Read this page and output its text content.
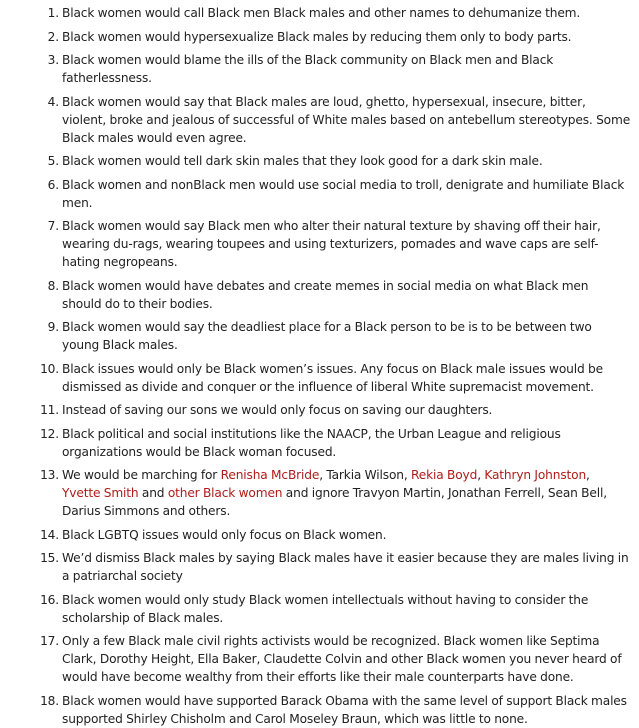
1. Black women would call Black men Black males and other names to dehumanize them.
2. Black women would hypersexualize Black males by reducing them only to body parts.
3. Black women would blame the ills of the Black community on Black men and Black fatherlessness.
4. Black women would say that Black males are loud, ghetto, hypersexual, insecure, bitter, violent, broke and jealous of successful of White males based on antebellum stereotypes. Some Black males would even agree.
5. Black women would tell dark skin males that they look good for a dark skin male.
6. Black women and nonBlack men would use social media to troll, denigrate and humiliate Black men.
7. Black women would say Black men who alter their natural texture by shaving off their hair, wearing du-rags, wearing toupees and using texturizers, pomades and wave caps are self-hating negropeans.
8. Black women would have debates and create memes in social media on what Black men should do to their bodies.
9. Black women would say the deadliest place for a Black person to be is to be between two young Black males.
10. Black issues would only be Black women’s issues. Any focus on Black male issues would be dismissed as divide and conquer or the influence of liberal White supremacist movement.
11. Instead of saving our sons we would only focus on saving our daughters.
12. Black political and social institutions like the NAACP, the Urban League and religious organizations would be Black woman focused.
13. We would be marching for Renisha McBride, Tarkia Wilson, Rekia Boyd, Kathryn Johnston, Yvette Smith and other Black women and ignore Travyon Martin, Jonathan Ferrell, Sean Bell, Darius Simmons and others.
14. Black LGBTQ issues would only focus on Black women.
15. We’d dismiss Black males by saying Black males have it easier because they are males living in a patriarchal society
16. Black women would only study Black women intellectuals without having to consider the scholarship of Black males.
17. Only a few Black male civil rights activists would be recognized. Black women like Septima Clark, Dorothy Height, Ella Baker, Claudette Colvin and other Black women you never heard of would have become wealthy from their efforts like their male counterparts have done.
18. Black women would have supported Barack Obama with the same level of support Black males supported Shirley Chisholm and Carol Moseley Braun, which was little to none.
